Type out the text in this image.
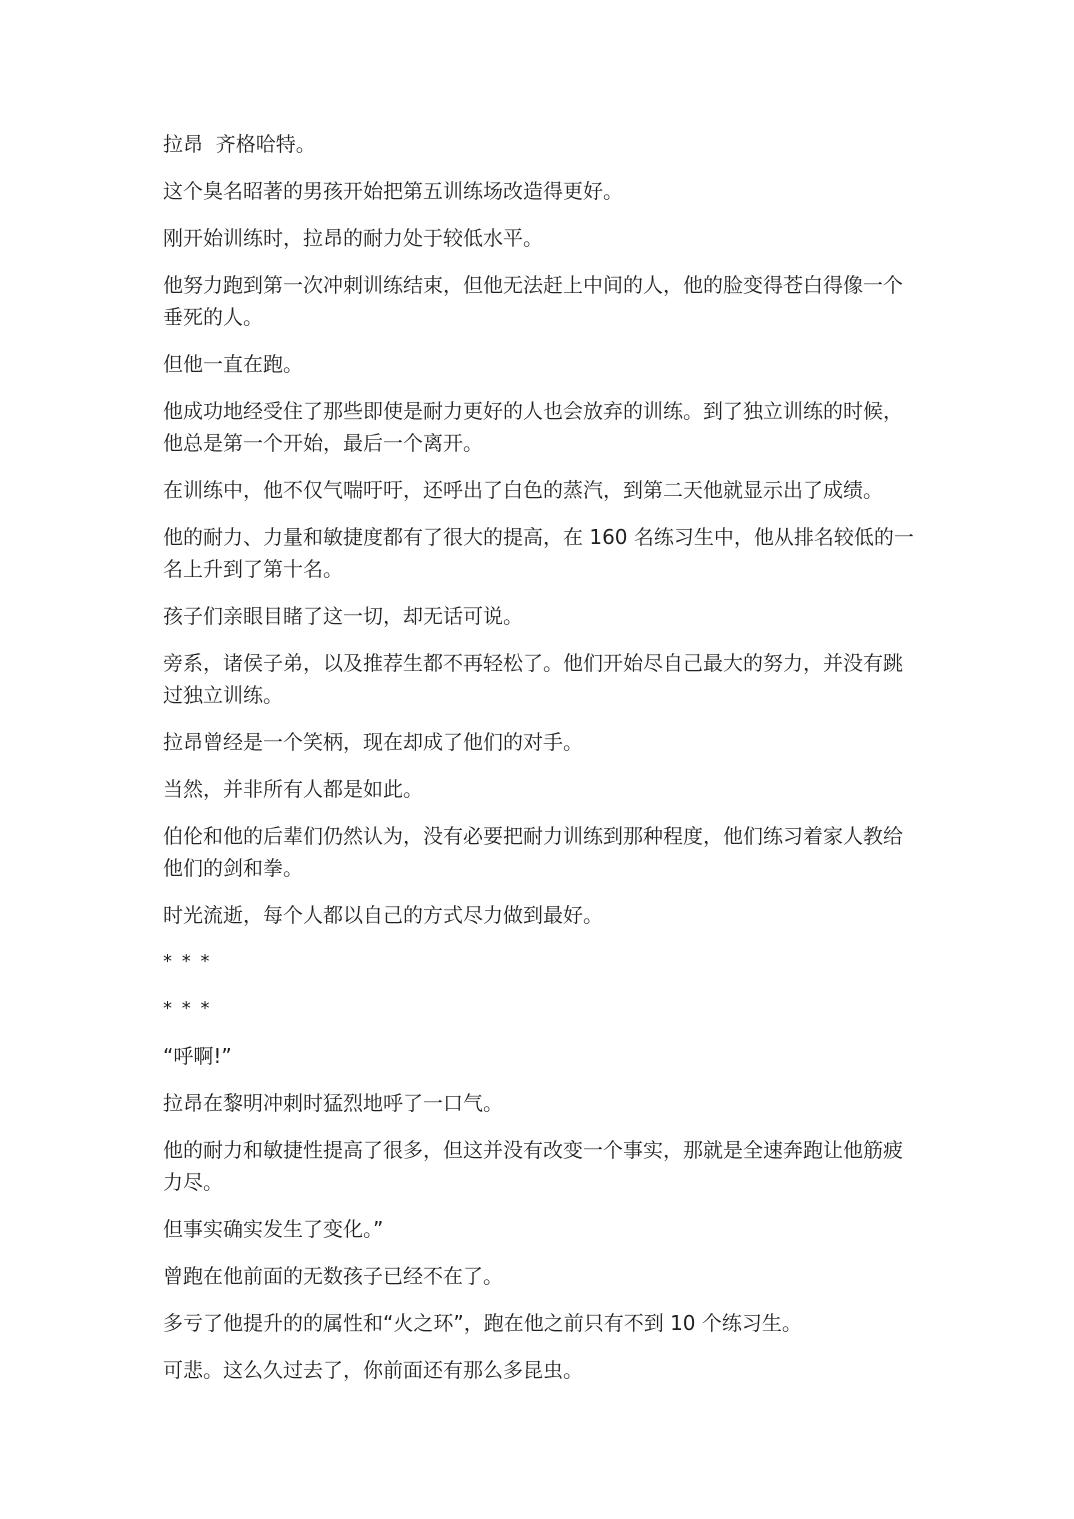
拉昂  齐格哈特。

这个臭名昭著的男孩开始把第五训练场改造得更好。

刚开始训练时，拉昂的耐力处于较低水平。

他努力跑到第一次冲刺训练结束，但他无法赶上中间的人，他的脸变得苍白得像一个垂死的人。

但他一直在跑。

他成功地经受住了那些即使是耐力更好的人也会放弃的训练。到了独立训练的时候，他总是第一个开始，最后一个离开。

在训练中，他不仅气喘吁吁，还呼出了白色的蒸汽，到第二天他就显示出了成绩。

他的耐力、力量和敏捷度都有了很大的提高，在 160 名练习生中，他从排名较低的一名上升到了第十名。

孩子们亲眼目睹了这一切，却无话可说。

旁系，诸侯子弟，以及推荐生都不再轻松了。他们开始尽自己最大的努力，并没有跳过独立训练。

拉昂曾经是一个笑柄，现在却成了他们的对手。

当然，并非所有人都是如此。

伯伦和他的后辈们仍然认为，没有必要把耐力训练到那种程度，他们练习着家人教给他们的剑和拳。

时光流逝，每个人都以自己的方式尽力做到最好。

* * *

* * *

“呼啊!”

拉昂在黎明冲刺时猛烈地呼了一口气。

他的耐力和敏捷性提高了很多，但这并没有改变一个事实，那就是全速奔跑让他筋疲力尽。

但事实确实发生了变化。”

曾跑在他前面的无数孩子已经不在了。

多亏了他提升的的属性和“火之环”，跑在他之前只有不到 10 个练习生。

可悲。这么久过去了，你前面还有那么多昆虫。
